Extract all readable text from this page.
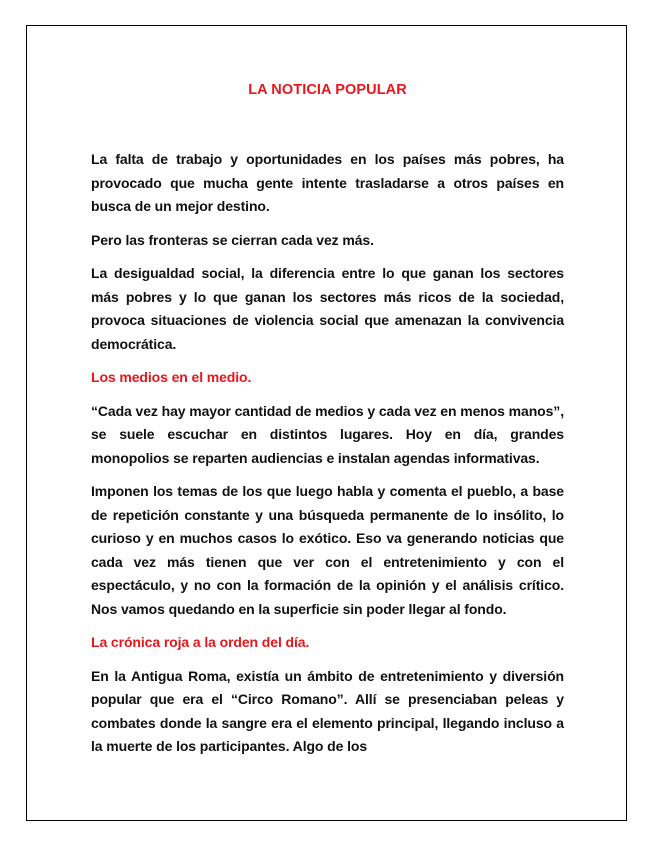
LA NOTICIA POPULAR

La falta de trabajo y oportunidades en los países más pobres, ha provocado que mucha gente intente trasladarse a otros países en busca de un mejor destino.

Pero las fronteras se cierran cada vez más.

La desigualdad social, la diferencia entre lo que ganan los sectores más pobres y lo que ganan los sectores más ricos de la sociedad, provoca situaciones de violencia social que amenazan la convivencia democrática.

Los medios en el medio.

“Cada vez hay mayor cantidad de medios y cada vez en menos manos”, se suele escuchar en distintos lugares. Hoy en día, grandes monopolios se reparten audiencias e instalan agendas informativas.

Imponen los temas de los que luego habla y comenta el pueblo, a base de repetición constante y una búsqueda permanente de lo insólito, lo curioso y en muchos casos lo exótico. Eso va generando noticias que cada vez más tienen que ver con el entretenimiento y con el espectáculo, y no con la formación de la opinión y el análisis crítico. Nos vamos quedando en la superficie sin poder llegar al fondo.

La crónica roja a la orden del día.

En la Antigua Roma, existía un ámbito de entretenimiento y diversión popular que era el “Circo Romano”. Allí se presenciaban peleas y combates donde la sangre era el elemento principal, llegando incluso a la muerte de los participantes. Algo de los
